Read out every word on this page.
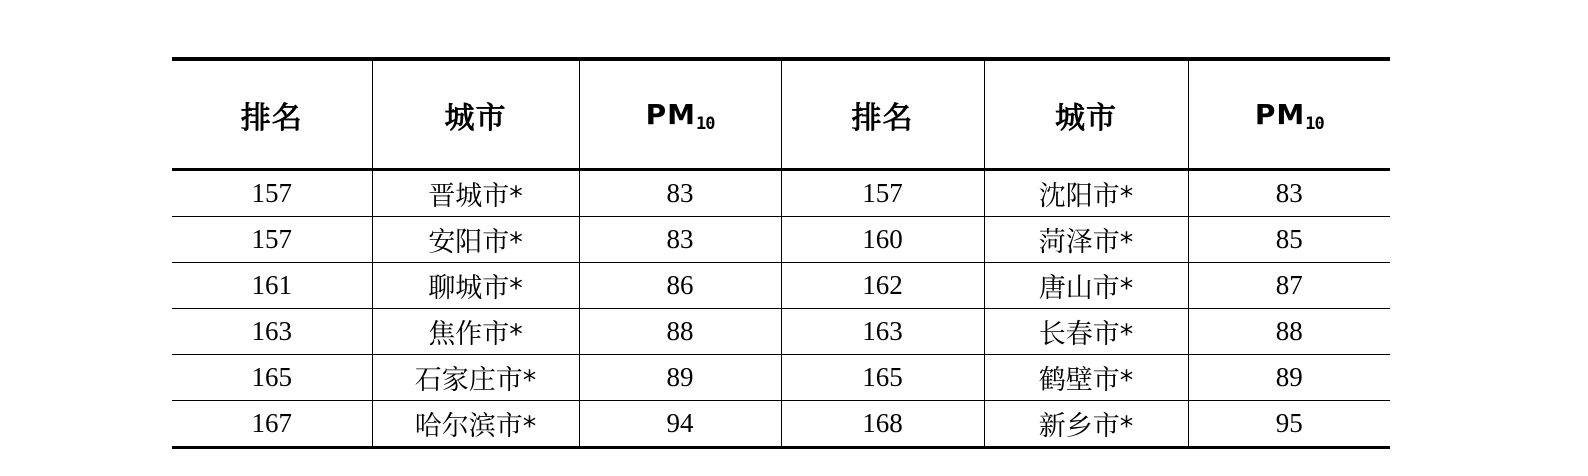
排名	城市	$PM_{10}$	排名	城市	$PM_{10}$
157	晋城市*	83	157	沈阳市*	83
157	安阳市*	83	160	菏泽市*	85
161	聊城市*	86	162	唐山市*	87
163	焦作市*	88	163	长春市*	88
165	石家庄市*	89	165	鹤壁市*	89
167	哈尔滨市*	94	168	新乡市*	95
